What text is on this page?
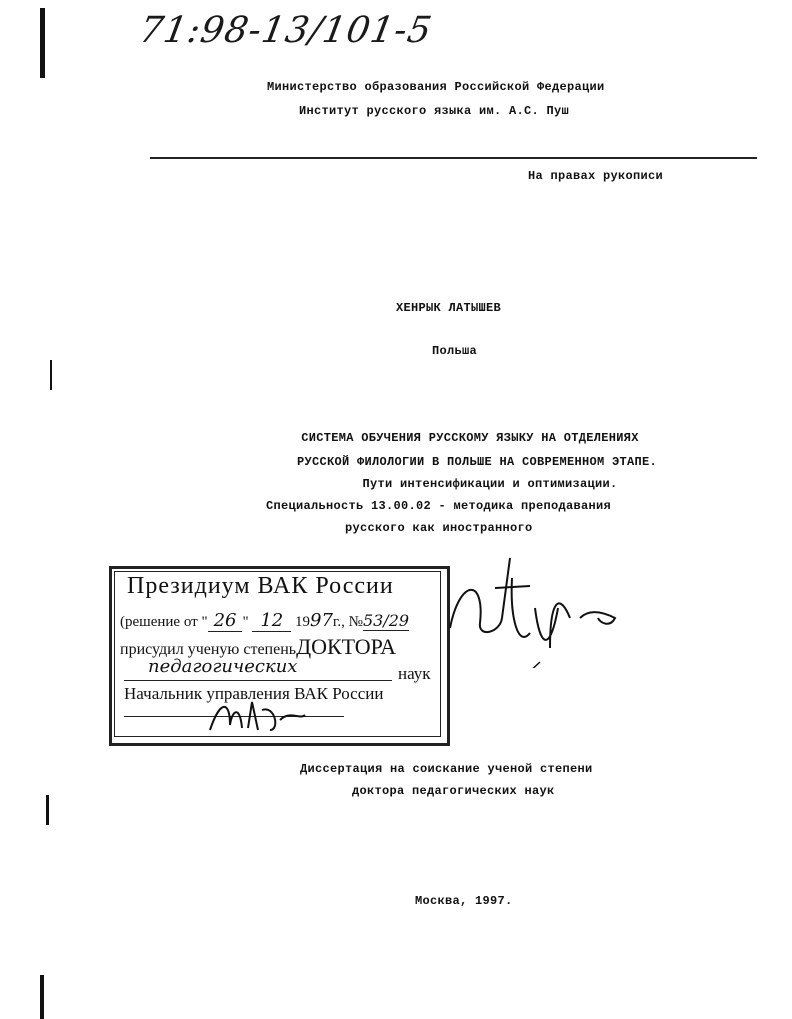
71:98-13/101-5
Министерство образования Российской Федерации
Институт русского языка им. А.С. Пуш
На правах рукописи
ХЕНРЫК ЛАТЫШЕВ
Польша
СИСТЕМА ОБУЧЕНИЯ РУССКОМУ ЯЗЫКУ НА ОТДЕЛЕНИЯХ
РУССКОЙ ФИЛОЛОГИИ В ПОЛЬШЕ НА СОВРЕМЕННОМ ЭТАПЕ.
Пути интенсификации и оптимизации.
Специальность 13.00.02 - методика преподавания
русского как иностранного
Президиум ВАК России
(решение от " 26 " 12 1997г., №53/29
присудил ученую степеньДОКТОРА
педагогических	наук
Начальник управления ВАК России
Диссертация на соискание ученой степени
доктора педагогических наук
Москва, 1997.
